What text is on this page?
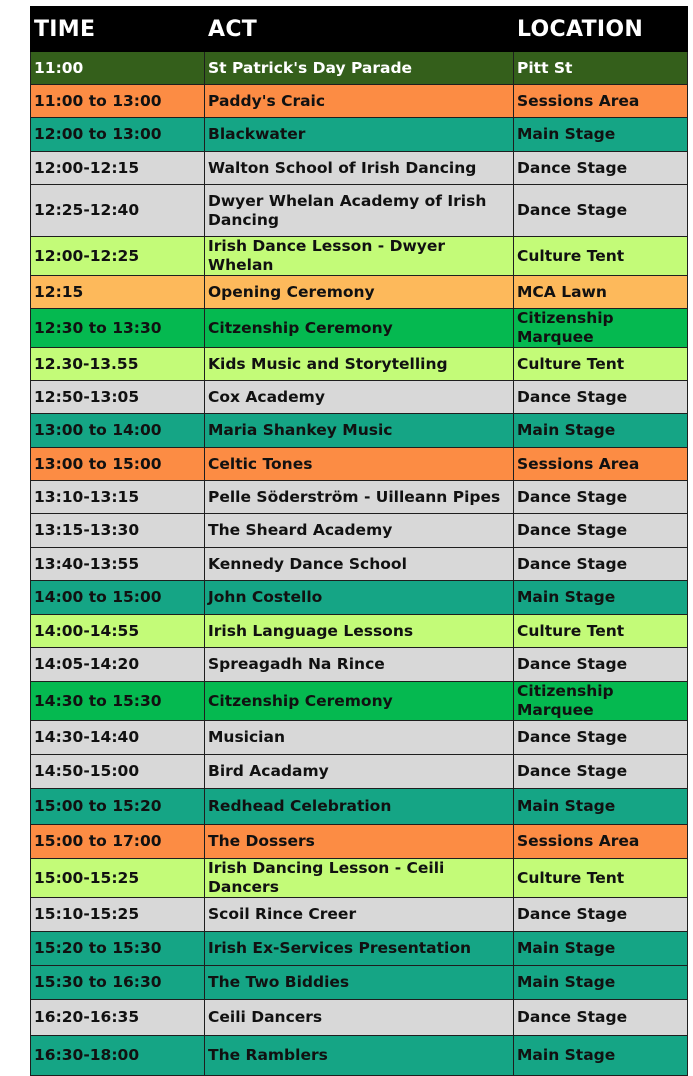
TIME	ACT	LOCATION
11:00	St Patrick's Day Parade	Pitt St
11:00 to 13:00	Paddy's Craic	Sessions Area
12:00 to 13:00	Blackwater	Main Stage
12:00-12:15	Walton School of Irish Dancing	Dance Stage
12:25-12:40	Dwyer Whelan Academy of Irish Dancing	Dance Stage
12:00-12:25	Irish Dance Lesson - Dwyer Whelan	Culture Tent
12:15	Opening Ceremony	MCA Lawn
12:30 to 13:30	Citzenship Ceremony	Citizenship Marquee
12.30-13.55	Kids Music and Storytelling	Culture Tent
12:50-13:05	Cox Academy	Dance Stage
13:00 to 14:00	Maria Shankey Music	Main Stage
13:00 to 15:00	Celtic Tones	Sessions Area
13:10-13:15	Pelle Söderström - Uilleann Pipes	Dance Stage
13:15-13:30	The Sheard Academy	Dance Stage
13:40-13:55	Kennedy Dance School	Dance Stage
14:00 to 15:00	John Costello	Main Stage
14:00-14:55	Irish Language Lessons	Culture Tent
14:05-14:20	Spreagadh Na Rince	Dance Stage
14:30 to 15:30	Citzenship Ceremony	Citizenship Marquee
14:30-14:40	Musician	Dance Stage
14:50-15:00	Bird Acadamy	Dance Stage
15:00 to 15:20	Redhead Celebration	Main Stage
15:00 to 17:00	The Dossers	Sessions Area
15:00-15:25	Irish Dancing Lesson - Ceili Dancers	Culture Tent
15:10-15:25	Scoil Rince Creer	Dance Stage
15:20 to 15:30	Irish Ex-Services Presentation	Main Stage
15:30 to 16:30	The Two Biddies	Main Stage
16:20-16:35	Ceili Dancers	Dance Stage
16:30-18:00	The Ramblers	Main Stage
